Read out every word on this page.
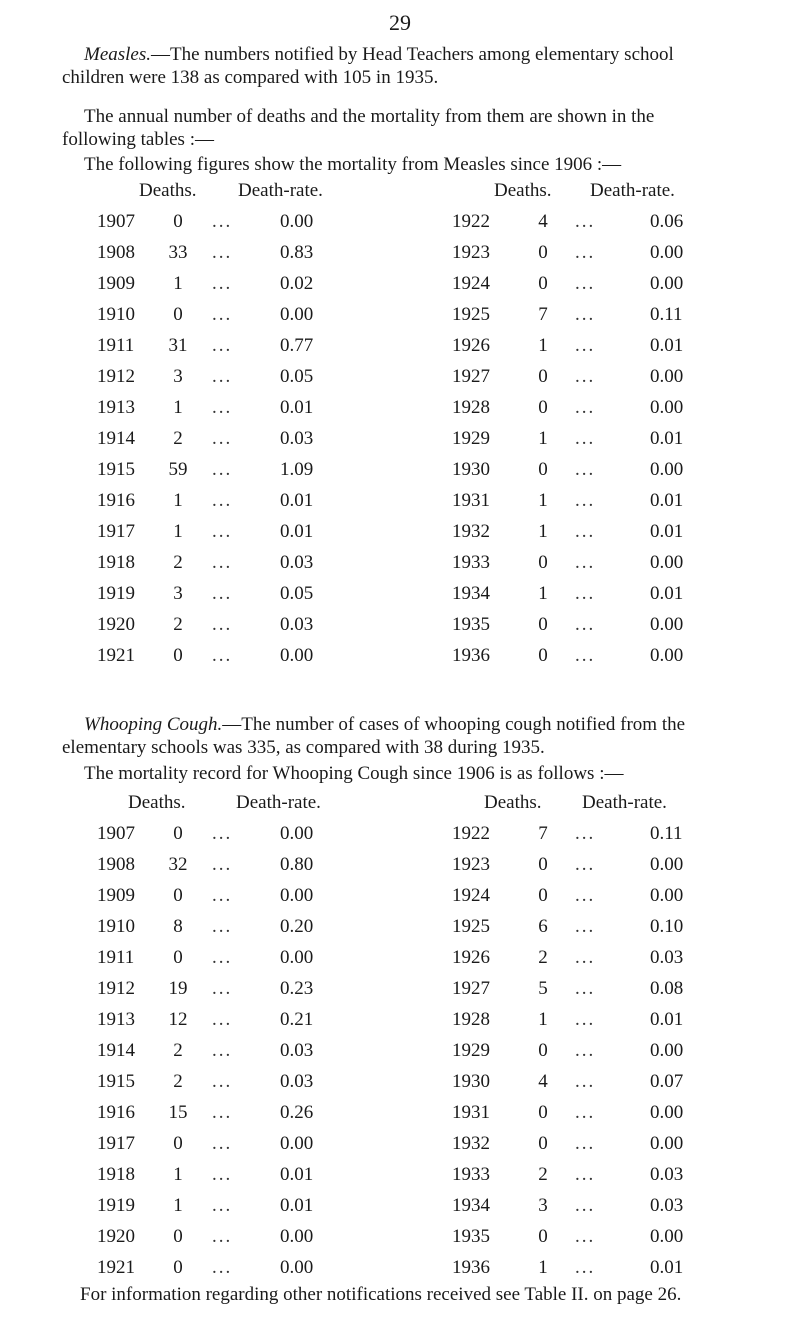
29

Measles.—The numbers notified by Head Teachers among elementary school children were 138 as compared with 105 in 1935.

The annual number of deaths and the mortality from them are shown in the following tables :—

The following figures show the mortality from Measles since 1906 :—

Deaths. Death-rate.	Deaths. Death-rate.
1907	0	...	0.00	1922	4	...	0.06
1908	33	...	0.83	1923	0	...	0.00
1909	1	...	0.02	1924	0	...	0.00
1910	0	...	0.00	1925	7	...	0.11
1911	31	...	0.77	1926	1	...	0.01
1912	3	...	0.05	1927	0	...	0.00
1913	1	...	0.01	1928	0	...	0.00
1914	2	...	0.03	1929	1	...	0.01
1915	59	...	1.09	1930	0	...	0.00
1916	1	...	0.01	1931	1	...	0.01
1917	1	...	0.01	1932	1	...	0.01
1918	2	...	0.03	1933	0	...	0.00
1919	3	...	0.05	1934	1	...	0.01
1920	2	...	0.03	1935	0	...	0.00
1921	0	...	0.00	1936	0	...	0.00

Whooping Cough.—The number of cases of whooping cough notified from the elementary schools was 335, as compared with 38 during 1935.

The mortality record for Whooping Cough since 1906 is as follows :—

Deaths.	Death-rate.	Deaths. Death-rate.
1907	0	...	0.00	1922	7	...	0.11
1908	32	...	0.80	1923	0	...	0.00
1909	0	...	0.00	1924	0	...	0.00
1910	8	...	0.20	1925	6	...	0.10
1911	0	...	0.00	1926	2	...	0.03
1912	19	...	0.23	1927	5	...	0.08
1913	12	...	0.21	1928	1	...	0.01
1914	2	...	0.03	1929	0	...	0.00
1915	2	...	0.03	1930	4	...	0.07
1916	15	...	0.26	1931	0	...	0.00
1917	0	...	0.00	1932	0	...	0.00
1918	1	...	0.01	1933	2	...	0.03
1919	1	...	0.01	1934	3	...	0.03
1920	0	...	0.00	1935	0	...	0.00
1921	0	...	0.00	1936	1	...	0.01

For information regarding other notifications received see Table II. on page 26.
